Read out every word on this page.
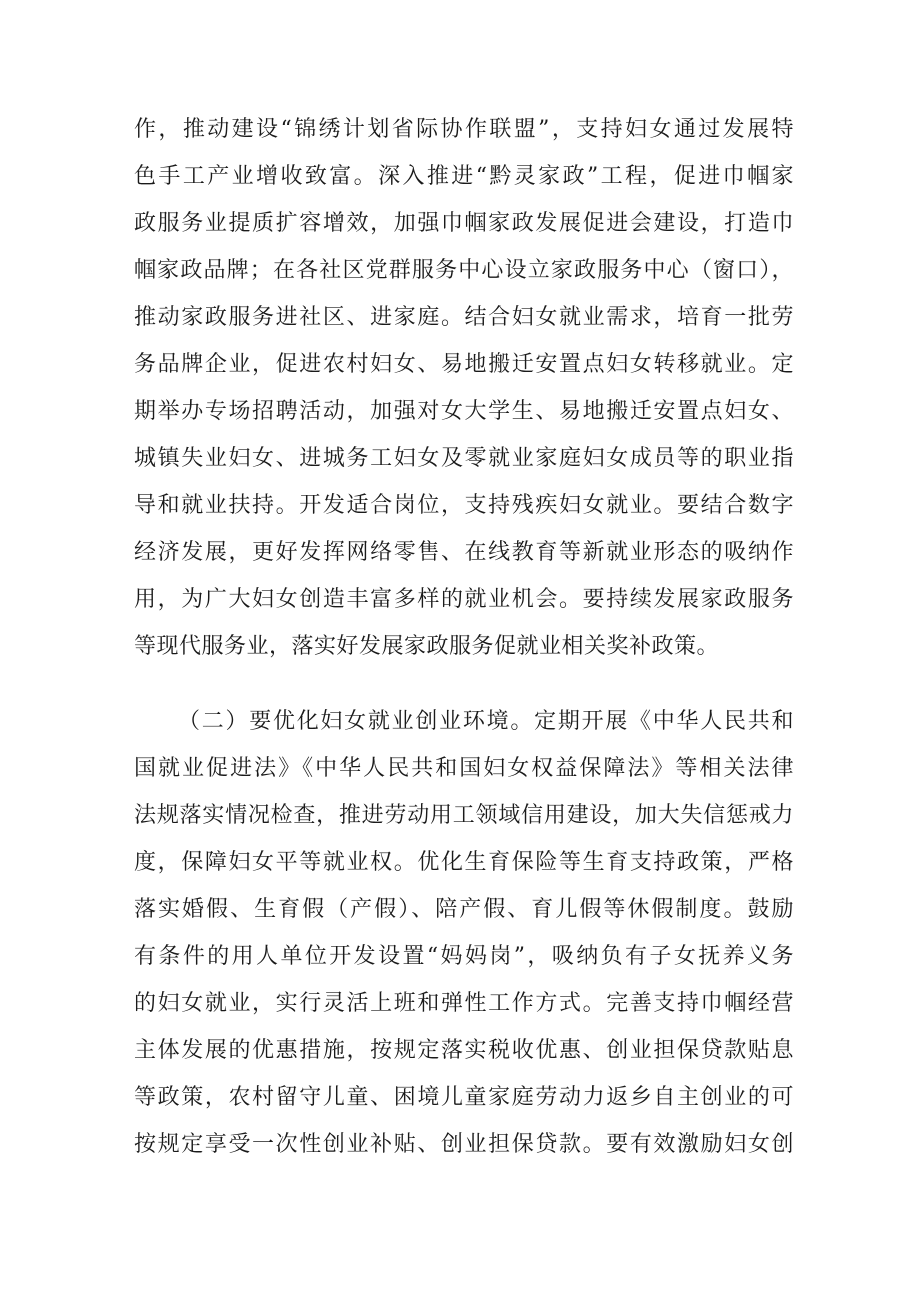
作，推动建设“锦绣计划省际协作联盟”，支持妇女通过发展特
色手工产业增收致富。深入推进“黔灵家政”工程，促进巾帼家
政服务业提质扩容增效，加强巾帼家政发展促进会建设，打造巾
帼家政品牌；在各社区党群服务中心设立家政服务中心（窗口），
推动家政服务进社区、进家庭。结合妇女就业需求，培育一批劳
务品牌企业，促进农村妇女、易地搬迁安置点妇女转移就业。定
期举办专场招聘活动，加强对女大学生、易地搬迁安置点妇女、
城镇失业妇女、进城务工妇女及零就业家庭妇女成员等的职业指
导和就业扶持。开发适合岗位，支持残疾妇女就业。要结合数字
经济发展，更好发挥网络零售、在线教育等新就业形态的吸纳作
用，为广大妇女创造丰富多样的就业机会。要持续发展家政服务
等现代服务业，落实好发展家政服务促就业相关奖补政策。
（二）要优化妇女就业创业环境。定期开展《中华人民共和
国就业促进法》《中华人民共和国妇女权益保障法》等相关法律
法规落实情况检查，推进劳动用工领域信用建设，加大失信惩戒力
度，保障妇女平等就业权。优化生育保险等生育支持政策，严格
落实婚假、生育假（产假）、陪产假、育儿假等休假制度。鼓励
有条件的用人单位开发设置“妈妈岗”，吸纳负有子女抚养义务
的妇女就业，实行灵活上班和弹性工作方式。完善支持巾帼经营
主体发展的优惠措施，按规定落实税收优惠、创业担保贷款贴息
等政策，农村留守儿童、困境儿童家庭劳动力返乡自主创业的可
按规定享受一次性创业补贴、创业担保贷款。要有效激励妇女创
